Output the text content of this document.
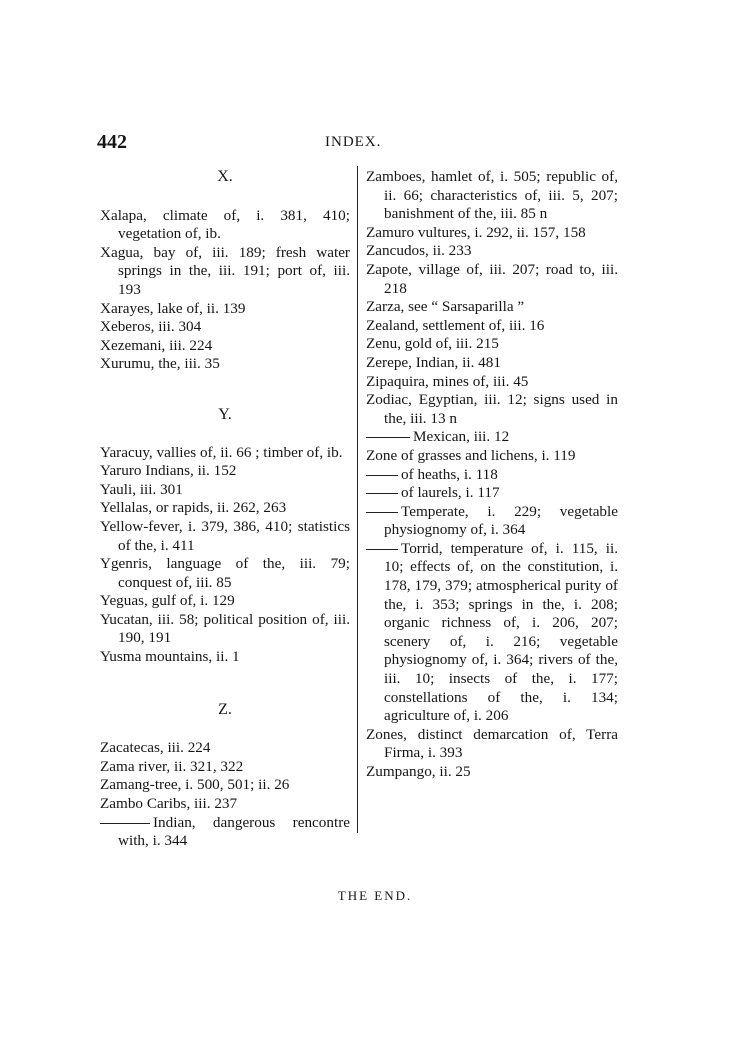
442	INDEX.
X.
Xalapa, climate of, i. 381, 410; vegetation of, ib.
Xagua, bay of, iii. 189; fresh water springs in the, iii. 191; port of, iii. 193
Xarayes, lake of, ii. 139
Xeberos, iii. 304
Xezemani, iii. 224
Xurumu, the, iii. 35
Y.
Yaracuy, vallies of, ii. 66 ; timber of, ib.
Yaruro Indians, ii. 152
Yauli, iii. 301
Yellalas, or rapids, ii. 262, 263
Yellow-fever, i. 379, 386, 410; statistics of the, i. 411
Ygenris, language of the, iii. 79; conquest of, iii. 85
Yeguas, gulf of, i. 129
Yucatan, iii. 58; political position of, iii. 190, 191
Yusma mountains, ii. 1
Z.
Zacatecas, iii. 224
Zama river, ii. 321, 322
Zamang-tree, i. 500, 501; ii. 26
Zambo Caribs, iii. 237
Indian, dangerous rencontre with, i. 344
Zamboes, hamlet of, i. 505; republic of, ii. 66; characteristics of, iii. 5, 207; banishment of the, iii. 85 n
Zamuro vultures, i. 292, ii. 157, 158
Zancudos, ii. 233
Zapote, village of, iii. 207; road to, iii. 218
Zarza, see “ Sarsaparilla ”
Zealand, settlement of, iii. 16
Zenu, gold of, iii. 215
Zerepe, Indian, ii. 481
Zipaquira, mines of, iii. 45
Zodiac, Egyptian, iii. 12; signs used in the, iii. 13 n
Mexican, iii. 12
Zone of grasses and lichens, i. 119
of heaths, i. 118
of laurels, i. 117
Temperate, i. 229; vegetable physiognomy of, i. 364
Torrid, temperature of, i. 115, ii. 10; effects of, on the constitution, i. 178, 179, 379; atmospherical purity of the, i. 353; springs in the, i. 208; organic richness of, i. 206, 207; scenery of, i. 216; vegetable physiognomy of, i. 364; rivers of the, iii. 10; insects of the, i. 177; constellations of the, i. 134; agriculture of, i. 206
Zones, distinct demarcation of, Terra Firma, i. 393
Zumpango, ii. 25
THE END.
